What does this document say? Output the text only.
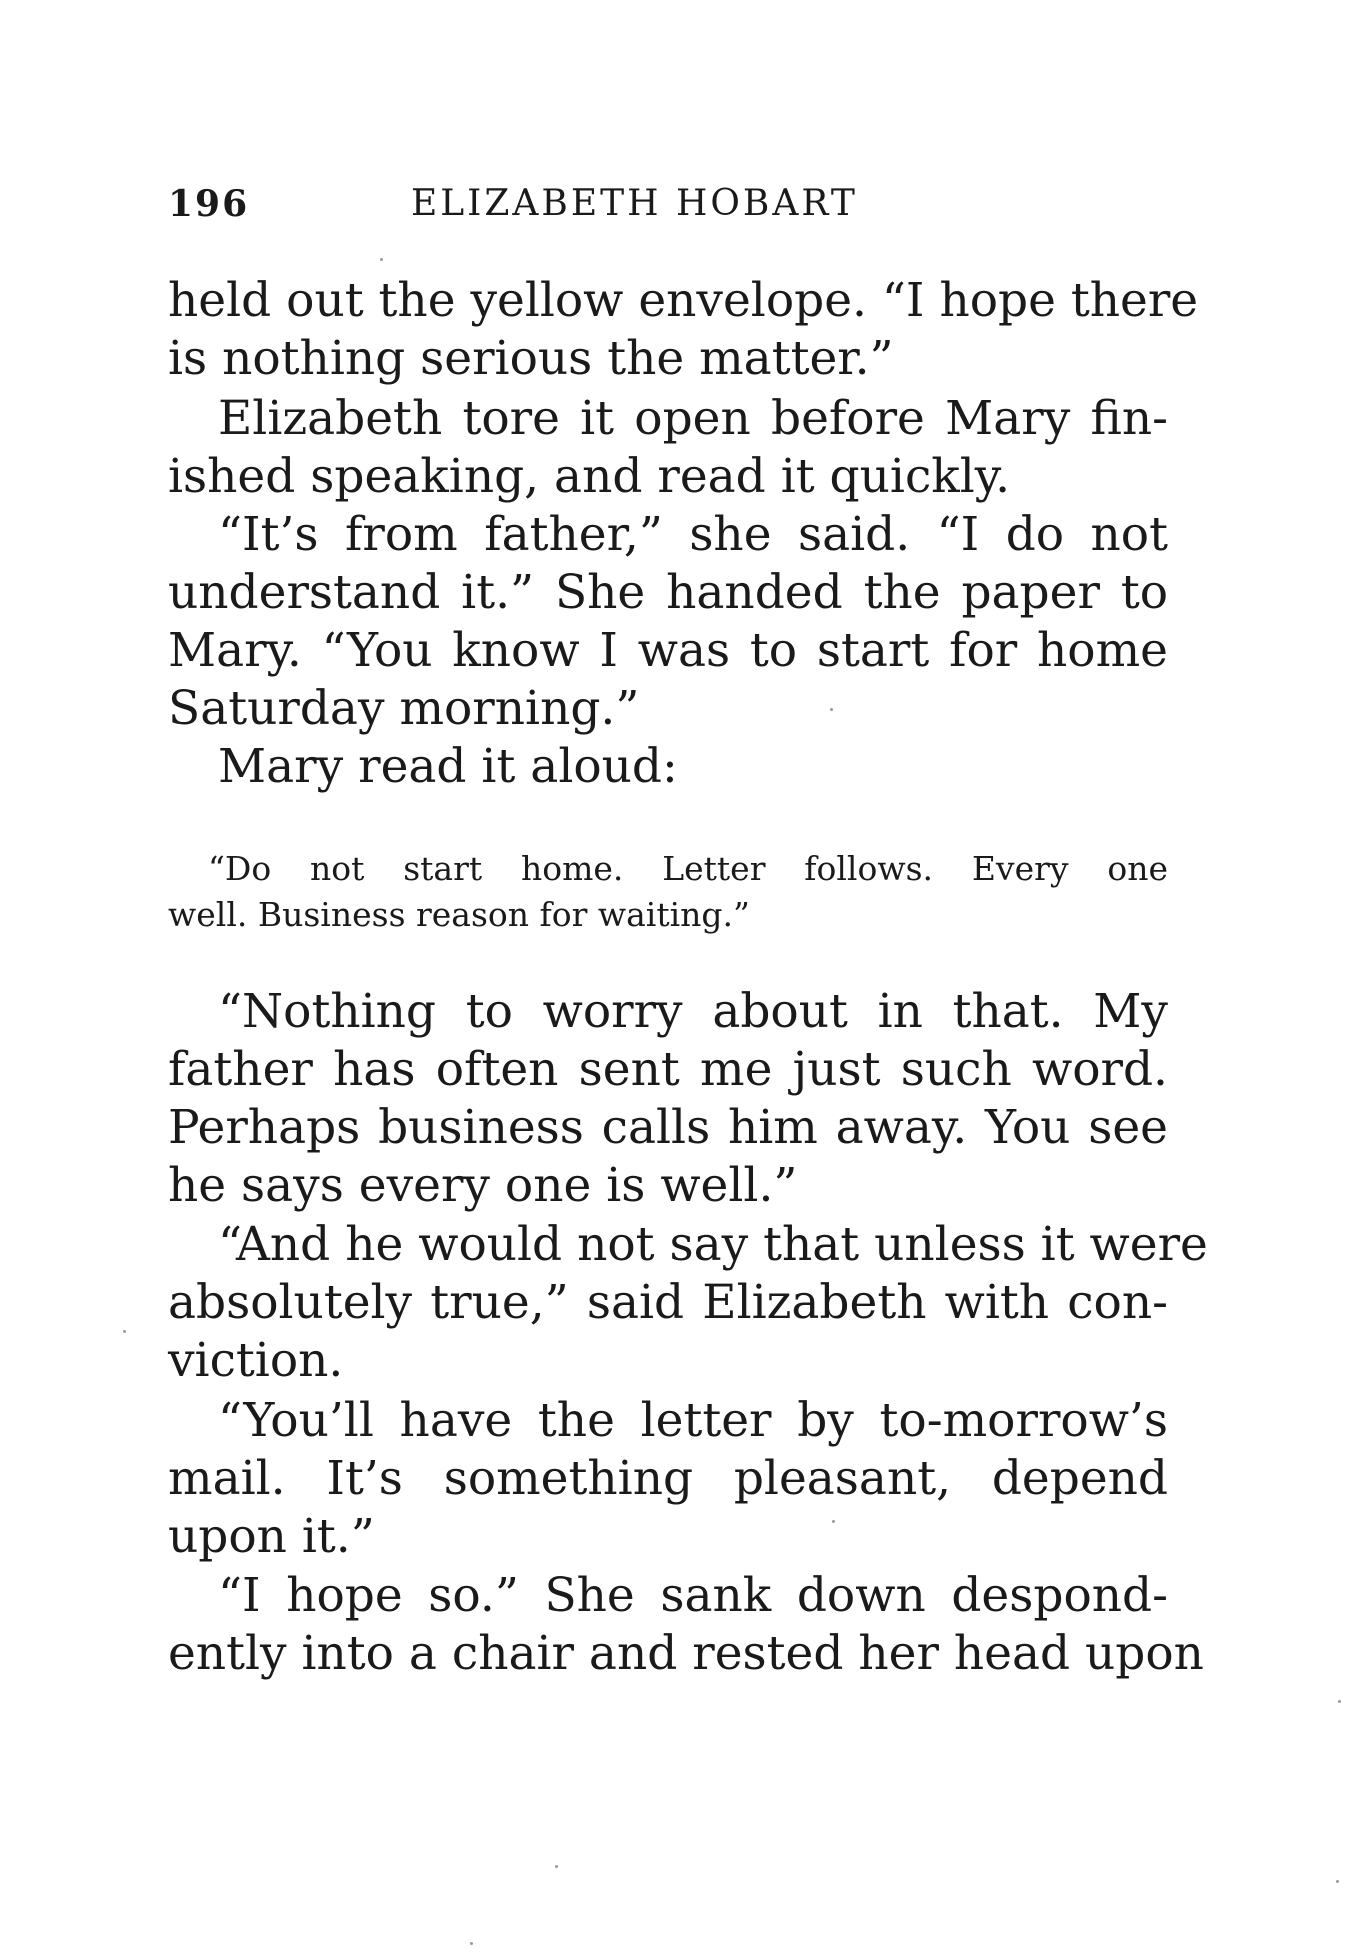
196	ELIZABETH HOBART
held out the yellow envelope. “I hope there
is nothing serious the matter.”
Elizabeth tore it open before Mary fin-
ished speaking, and read it quickly.
“It’s from father,” she said. “I do not
understand it.” She handed the paper to
Mary. “You know I was to start for home
Saturday morning.”
Mary read it aloud:
“Do not start home. Letter follows. Every one
well. Business reason for waiting.”
“Nothing to worry about in that. My
father has often sent me just such word.
Perhaps business calls him away. You see
he says every one is well.”
“And he would not say that unless it were
absolutely true,” said Elizabeth with con-
viction.
“You’ll have the letter by to-morrow’s
mail. It’s something pleasant, depend
upon it.”
“I hope so.” She sank down despond-
ently into a chair and rested her head upon
